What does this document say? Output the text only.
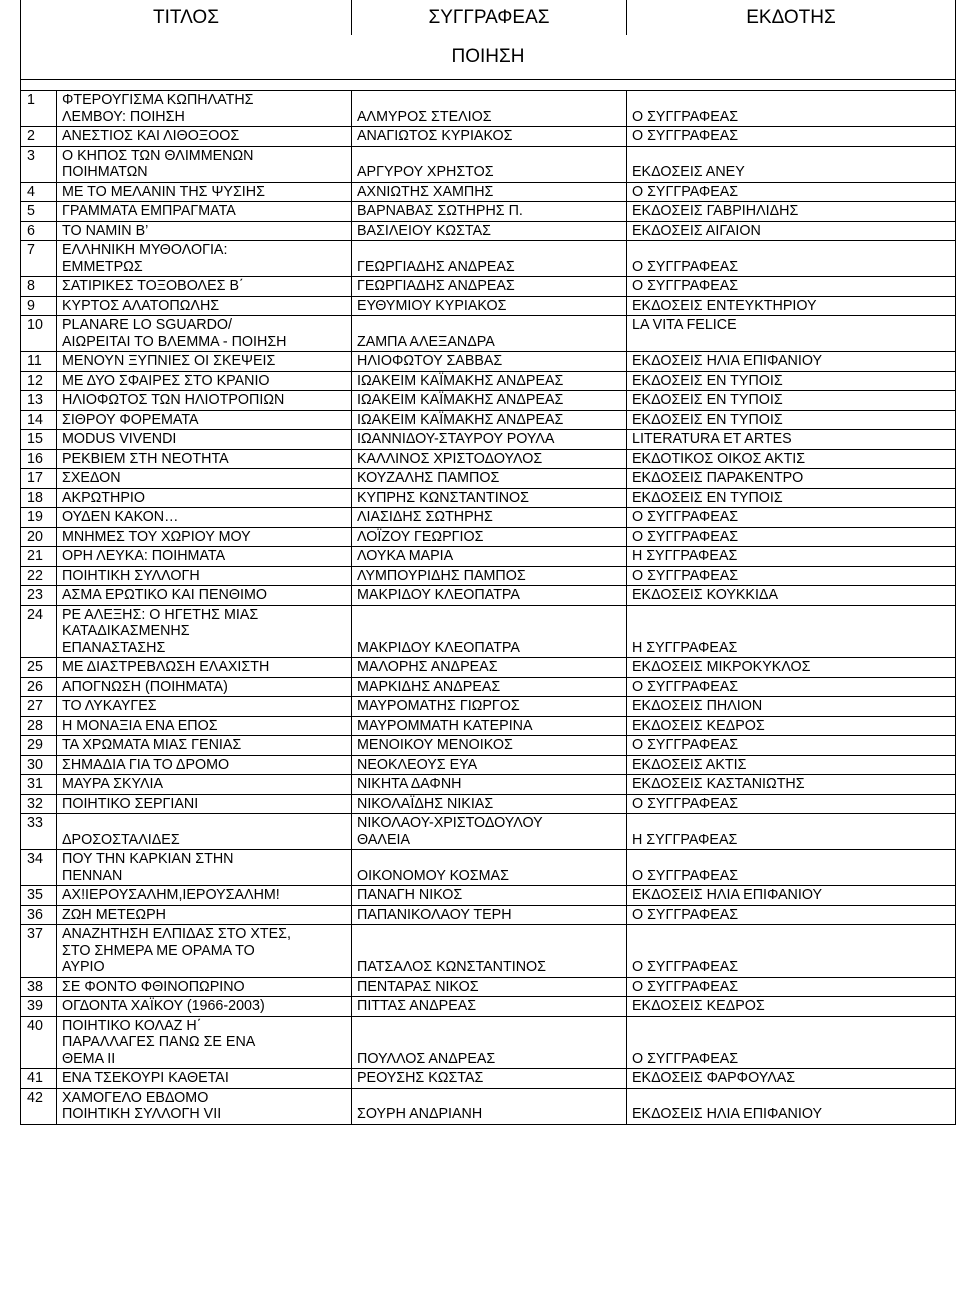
ΤΙΤΛΟΣ		ΣΥΓΓΡΑΦΕΑΣ	ΕΚΔΟΤΗΣ
ΠΟΙΗΣΗ			

1	ΦΤΕΡΟΥΓΙΣΜΑ ΚΩΠΗΛΑΤΗΣ
ΛΕΜΒΟΥ: ΠΟΙΗΣΗ	ΑΛΜΥΡΟΣ ΣΤΕΛΙΟΣ	Ο ΣΥΓΓΡΑΦΕΑΣ
2	ΑΝΕΣΤΙΟΣ ΚΑΙ ΛΙΘΟΞΟΟΣ	ΑΝΑΓΙΩΤΟΣ ΚΥΡΙΑΚΟΣ	Ο ΣΥΓΓΡΑΦΕΑΣ
3	Ο ΚΗΠΟΣ ΤΩΝ ΘΛΙΜΜΕΝΩΝ
ΠΟΙΗΜΑΤΩΝ	ΑΡΓΥΡΟΥ ΧΡΗΣΤΟΣ	ΕΚΔΟΣΕΙΣ ΑΝΕΥ
4	ΜΕ ΤΟ ΜΕΛΑΝΙΝ ΤΗΣ ΨΥΣΙΗΣ	ΑΧΝΙΩΤΗΣ ΧΑΜΠΗΣ	Ο ΣΥΓΓΡΑΦΕΑΣ
5	ΓΡΑΜΜΑΤΑ ΕΜΠΡΑΓΜΑΤΑ	ΒΑΡΝΑΒΑΣ ΣΩΤΗΡΗΣ Π.	ΕΚΔΟΣΕΙΣ ΓΑΒΡΙΗΛΙΔΗΣ
6	ΤΟ ΝΑΜΙΝ Β’	ΒΑΣΙΛΕΙΟΥ ΚΩΣΤΑΣ	ΕΚΔΟΣΕΙΣ ΑΙΓΑΙΟΝ
7	ΕΛΛΗΝΙΚΗ ΜΥΘΟΛΟΓΙΑ:
ΕΜΜΕΤΡΩΣ	ΓΕΩΡΓΙΑΔΗΣ ΑΝΔΡΕΑΣ	Ο ΣΥΓΓΡΑΦΕΑΣ
8	ΣΑΤΙΡΙΚΕΣ ΤΟΞΟΒΟΛΕΣ Β΄	ΓΕΩΡΓΙΑΔΗΣ ΑΝΔΡΕΑΣ	Ο ΣΥΓΓΡΑΦΕΑΣ
9	ΚΥΡΤΟΣ ΑΛΑΤΟΠΩΛΗΣ	ΕΥΘΥΜΙΟΥ ΚΥΡΙΑΚΟΣ	ΕΚΔΟΣΕΙΣ ΕΝΤΕΥΚΤΗΡΙΟΥ
10	PLANARE LO SGUARDO/
ΑΙΩΡΕΙΤΑΙ ΤΟ ΒΛΕΜΜΑ - ΠΟΙΗΣΗ	ΖΑΜΠΑ ΑΛΕΞΑΝΔΡΑ	LA VITA FELICE
11	ΜΕΝΟΥΝ ΞΥΠΝΙΕΣ ΟΙ ΣΚΕΨΕΙΣ	ΗΛΙΟΦΩΤΟΥ ΣΑΒΒΑΣ	ΕΚΔΟΣΕΙΣ ΗΛΙΑ ΕΠΙΦΑΝΙΟΥ
12	ΜΕ ΔΥΟ ΣΦΑΙΡΕΣ ΣΤΟ ΚΡΑΝΙΟ	ΙΩΑΚΕΙΜ ΚΑΪΜΑΚΗΣ ΑΝΔΡΕΑΣ	ΕΚΔΟΣΕΙΣ ΕΝ ΤΥΠΟΙΣ
13	ΗΛΙΟΦΩΤΟΣ ΤΩΝ ΗΛΙΟΤΡΟΠΙΩΝ	ΙΩΑΚΕΙΜ ΚΑΪΜΑΚΗΣ ΑΝΔΡΕΑΣ	ΕΚΔΟΣΕΙΣ ΕΝ ΤΥΠΟΙΣ
14	ΣΙΘΡΟΥ ΦΟΡΕΜΑΤΑ	ΙΩΑΚΕΙΜ ΚΑΪΜΑΚΗΣ ΑΝΔΡΕΑΣ	ΕΚΔΟΣΕΙΣ ΕΝ ΤΥΠΟΙΣ
15	MODUS VIVENDI	ΙΩΑΝΝΙΔΟΥ-ΣΤΑΥΡΟΥ ΡΟΥΛΑ	LITERATURA ET ARTES
16	ΡΕΚΒΙΕΜ ΣΤΗ ΝΕΟΤΗΤΑ	ΚΑΛΛΙΝΟΣ ΧΡΙΣΤΟΔΟΥΛΟΣ	ΕΚΔΟΤΙΚΟΣ ΟΙΚΟΣ ΑΚΤΙΣ
17	ΣΧΕΔΟΝ	ΚΟΥΖΑΛΗΣ ΠΑΜΠΟΣ	ΕΚΔΟΣΕΙΣ ΠΑΡΑΚΕΝΤΡΟ
18	ΑΚΡΩΤΗΡΙΟ	ΚΥΠΡΗΣ ΚΩΝΣΤΑΝΤΙΝΟΣ	ΕΚΔΟΣΕΙΣ ΕΝ ΤΥΠΟΙΣ
19	ΟΥΔΕΝ ΚΑΚΟΝ…	ΛΙΑΣΙΔΗΣ ΣΩΤΗΡΗΣ	Ο ΣΥΓΓΡΑΦΕΑΣ
20	ΜΝΗΜΕΣ ΤΟΥ ΧΩΡΙΟΥ ΜΟΥ	ΛΟΪΖΟΥ ΓΕΩΡΓΙΟΣ	Ο ΣΥΓΓΡΑΦΕΑΣ
21	ΟΡΗ ΛΕΥΚΑ: ΠΟΙΗΜΑΤΑ	ΛΟΥΚΑ ΜΑΡΙΑ	Η ΣΥΓΓΡΑΦΕΑΣ
22	ΠΟΙΗΤΙΚΗ ΣΥΛΛΟΓΗ	ΛΥΜΠΟΥΡΙΔΗΣ ΠΑΜΠΟΣ	Ο ΣΥΓΓΡΑΦΕΑΣ
23	ΑΣΜΑ ΕΡΩΤΙΚΟ ΚΑΙ ΠΕΝΘΙΜΟ	ΜΑΚΡΙΔΟΥ ΚΛΕΟΠΑΤΡΑ	ΕΚΔΟΣΕΙΣ ΚΟΥΚΚΙΔΑ
24	ΡΕ ΑΛΕΞΗΣ: Ο ΗΓΕΤΗΣ ΜΙΑΣ
ΚΑΤΑΔΙΚΑΣΜΕΝΗΣ
ΕΠΑΝΑΣΤΑΣΗΣ	ΜΑΚΡΙΔΟΥ ΚΛΕΟΠΑΤΡΑ	Η ΣΥΓΓΡΑΦΕΑΣ
25	ΜΕ ΔΙΑΣΤΡΕΒΛΩΣΗ ΕΛΑΧΙΣΤΗ	ΜΑΛΟΡΗΣ ΑΝΔΡΕΑΣ	ΕΚΔΟΣΕΙΣ ΜΙΚΡΟΚΥΚΛΟΣ
26	ΑΠΟΓΝΩΣΗ (ΠΟΙΗΜΑΤΑ)	ΜΑΡΚΙΔΗΣ ΑΝΔΡΕΑΣ	Ο ΣΥΓΓΡΑΦΕΑΣ
27	ΤΟ ΛΥΚΑΥΓΕΣ	ΜΑΥΡΟΜΑΤΗΣ ΓΙΩΡΓΟΣ	ΕΚΔΟΣΕΙΣ ΠΗΛΙΟΝ
28	Η ΜΟΝΑΞΙΑ ΕΝΑ ΕΠΟΣ	ΜΑΥΡΟΜΜΑΤΗ ΚΑΤΕΡΙΝΑ	ΕΚΔΟΣΕΙΣ ΚΕΔΡΟΣ
29	ΤΑ ΧΡΩΜΑΤΑ ΜΙΑΣ ΓΕΝΙΑΣ	ΜΕΝΟΙΚΟΥ ΜΕΝΟΙΚΟΣ	Ο ΣΥΓΓΡΑΦΕΑΣ
30	ΣΗΜΑΔΙΑ ΓΙΑ ΤΟ ΔΡΟΜΟ	ΝΕΟΚΛΕΟΥΣ ΕΥΑ	ΕΚΔΟΣΕΙΣ ΑΚΤΙΣ
31	ΜΑΥΡΑ ΣΚΥΛΙΑ	ΝΙΚΗΤΑ ΔΑΦΝΗ	ΕΚΔΟΣΕΙΣ ΚΑΣΤΑΝΙΩΤΗΣ
32	ΠΟΙΗΤΙΚΟ ΣΕΡΓΙΑΝΙ	ΝΙΚΟΛΑΪΔΗΣ ΝΙΚΙΑΣ	Ο ΣΥΓΓΡΑΦΕΑΣ
33	ΔΡΟΣΟΣΤΑΛΙΔΕΣ	ΝΙΚΟΛΑΟΥ-ΧΡΙΣΤΟΔΟΥΛΟΥ
ΘΑΛΕΙΑ	Η ΣΥΓΓΡΑΦΕΑΣ
34	ΠΟΥ ΤΗΝ ΚΑΡΚΙΑΝ ΣΤΗΝ
ΠΕΝΝΑΝ	ΟΙΚΟΝΟΜΟΥ ΚΟΣΜΑΣ	Ο ΣΥΓΓΡΑΦΕΑΣ
35	ΑΧ!ΙΕΡΟΥΣΑΛΗΜ,ΙΕΡΟΥΣΑΛΗΜ!	ΠΑΝΑΓΗ ΝΙΚΟΣ	ΕΚΔΟΣΕΙΣ ΗΛΙΑ ΕΠΙΦΑΝΙΟΥ
36	ΖΩΗ ΜΕΤΕΩΡΗ	ΠΑΠΑΝΙΚΟΛΑΟΥ ΤΕΡΗ	Ο ΣΥΓΓΡΑΦΕΑΣ
37	ΑΝΑΖΗΤΗΣΗ ΕΛΠΙΔΑΣ ΣΤΟ ΧΤΕΣ,
ΣΤΟ ΣΗΜΕΡΑ ΜΕ ΟΡΑΜΑ ΤΟ
ΑΥΡΙΟ	ΠΑΤΣΑΛΟΣ ΚΩΝΣΤΑΝΤΙΝΟΣ	Ο ΣΥΓΓΡΑΦΕΑΣ
38	ΣΕ ΦΟΝΤΟ ΦΘΙΝΟΠΩΡΙΝΟ	ΠΕΝΤΑΡΑΣ ΝΙΚΟΣ	Ο ΣΥΓΓΡΑΦΕΑΣ
39	ΟΓΔΟΝΤΑ ΧΑΪΚΟΥ (1966-2003)	ΠΙΤΤΑΣ ΑΝΔΡΕΑΣ	ΕΚΔΟΣΕΙΣ ΚΕΔΡΟΣ
40	ΠΟΙΗΤΙΚΟ ΚΟΛΑΖ Η΄
ΠΑΡΑΛΛΑΓΕΣ ΠΑΝΩ ΣΕ ΕΝΑ
ΘΕΜΑ ΙΙ	ΠΟΥΛΛΟΣ ΑΝΔΡΕΑΣ	Ο ΣΥΓΓΡΑΦΕΑΣ
41	ΕΝΑ ΤΣΕΚΟΥΡΙ ΚΑΘΕΤΑΙ	ΡΕΟΥΣΗΣ ΚΩΣΤΑΣ	ΕΚΔΟΣΕΙΣ ΦΑΡΦΟΥΛΑΣ
42	ΧΑΜΟΓΕΛΟ ΕΒΔΟΜΟ
ΠΟΙΗΤΙΚΗ ΣΥΛΛΟΓΗ VII	ΣΟΥΡΗ ΑΝΔΡΙΑΝΗ	ΕΚΔΟΣΕΙΣ ΗΛΙΑ ΕΠΙΦΑΝΙΟΥ
